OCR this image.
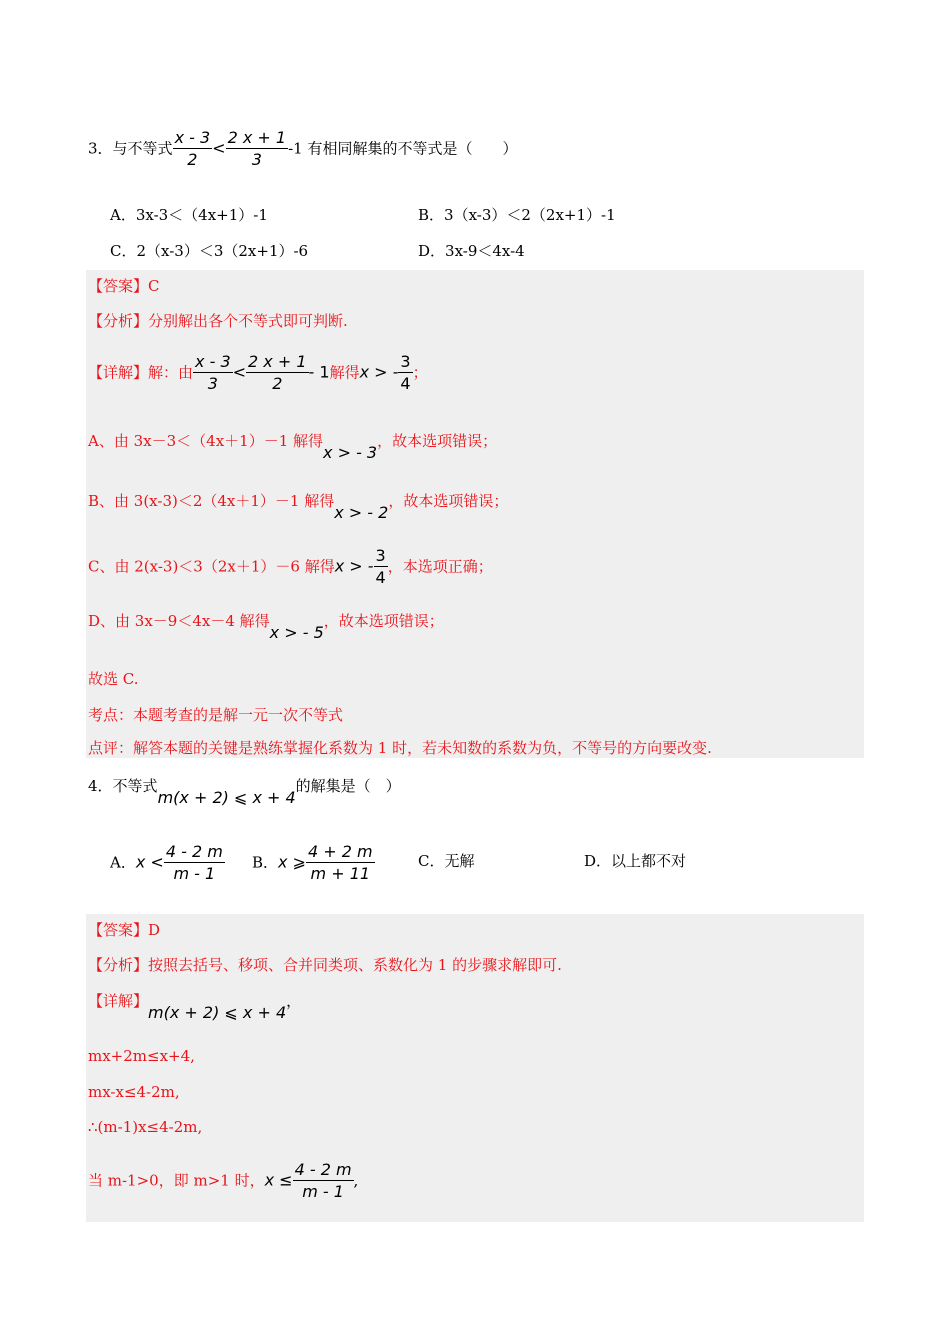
3．与不等式 $\frac{x - 3}{2} < \frac{2 x + 1}{3} -1$ 有相同解集的不等式是（　　）
A．3x-3＜（4x+1）-1	B．3（x-3）＜2（2x+1）-1
C．2（x-3）＜3（2x+1）-6	D．3x-9＜4x-4
【答案】C
【分析】分别解出各个不等式即可判断.
【详解】解：由 $\frac{x - 3}{3} < \frac{2 x + 1}{2} - 1$解得x > - $\frac{3}{4}$ ；
A、由 3x－3＜（4x＋1）－1 解得x > - 3，故本选项错误；
B、由 3(x-3)＜2（4x＋1）－1 解得x > - 2，故本选项错误；
C、由 2(x-3)＜3（2x＋1）－6 解得x > - $\frac{3}{4}$ ，本选项正确；
D、由 3x－9＜4x－4 解得x > - 5，故本选项错误；
故选 C.
考点：本题考查的是解一元一次不等式
点评：解答本题的关键是熟练掌握化系数为 1 时，若未知数的系数为负，不等号的方向要改变.
4．不等式m(x + 2) ⩽ x + 4的解集是（　）
A．$x < \frac{4 - 2 m}{m - 1}$ B．x ⩾ $\frac{4 + 2 m}{m + 11}$	C．无解	D．以上都不对
【答案】D
【分析】按照去括号、移项、合并同类项、系数化为 1 的步骤求解即可.
【详解】m(x + 2) ⩽ x + 4，
mx+2m≤x+4,
mx-x≤4-2m,
∴(m-1)x≤4-2m,
当 m-1>0，即 m>1 时，$x \le \frac{4 - 2 m}{m - 1}$ ,
